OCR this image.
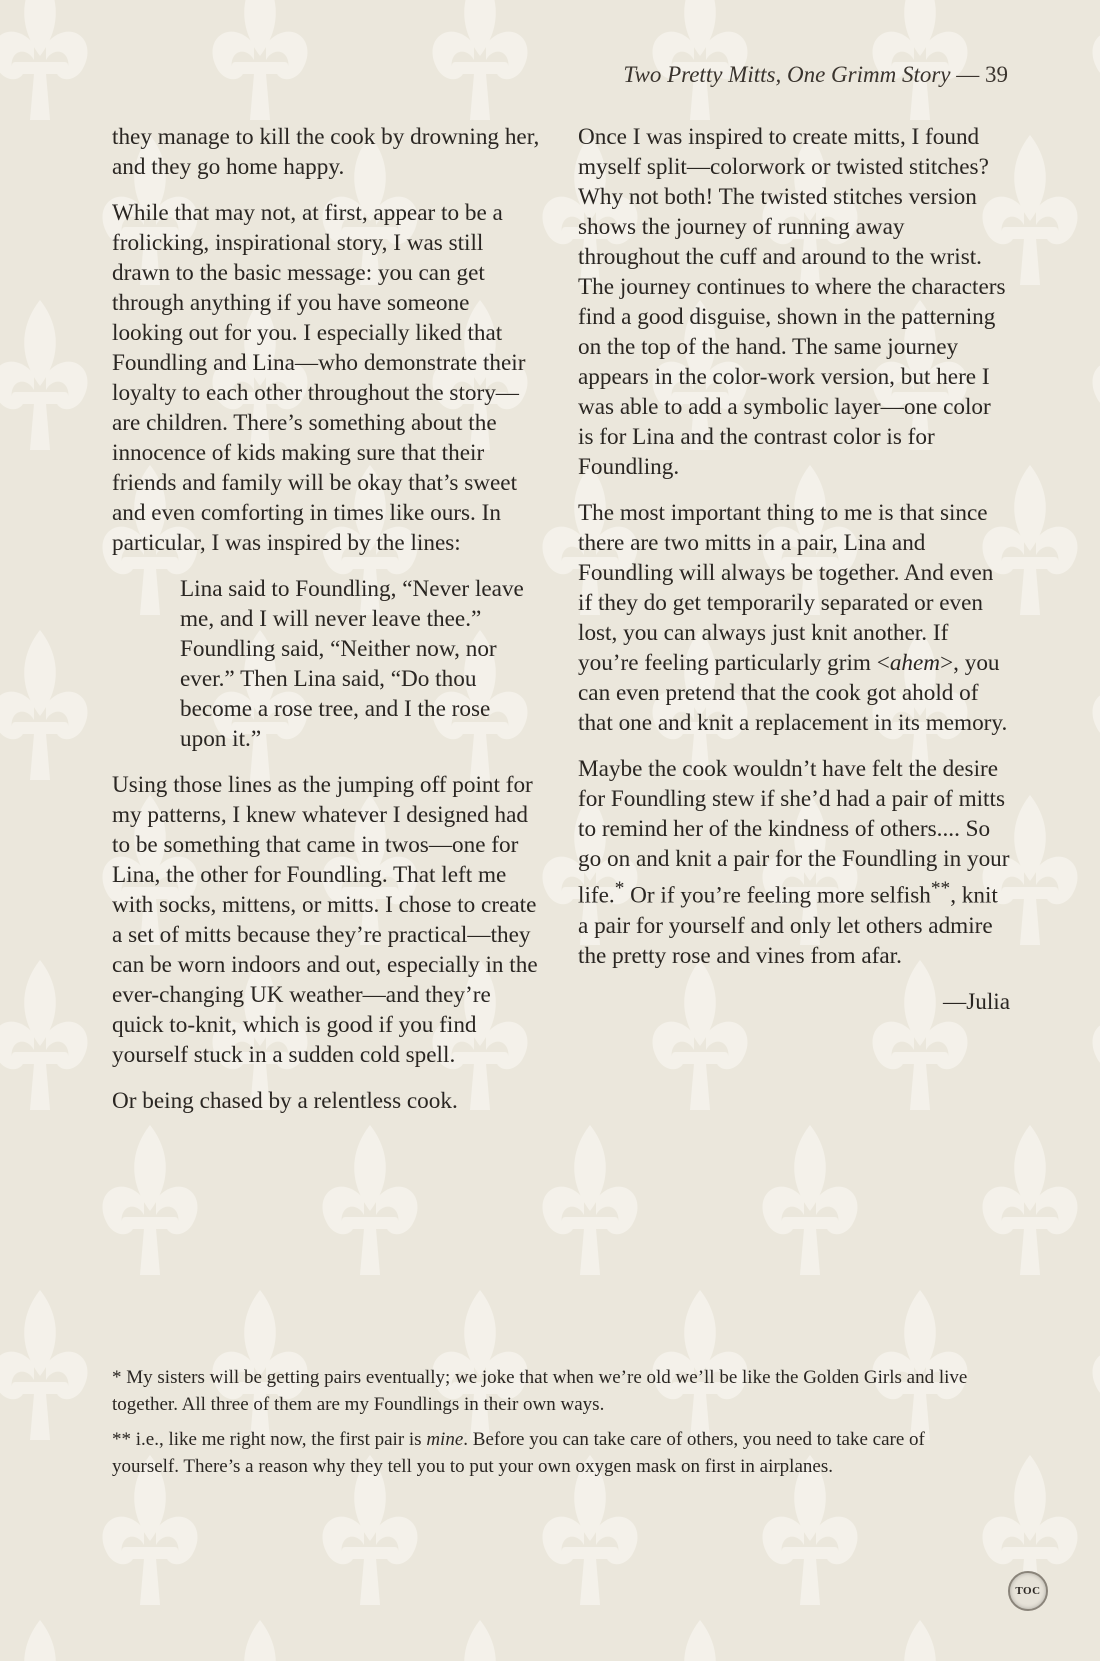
Two Pretty Mitts, One Grimm Story — 39

they manage to kill the cook by drowning her, and they go home happy.

While that may not, at first, appear to be a frolicking, inspirational story, I was still drawn to the basic message: you can get through anything if you have someone looking out for you. I especially liked that Foundling and Lina—who demonstrate their loyalty to each other throughout the story—are children. There’s something about the innocence of kids making sure that their friends and family will be okay that’s sweet and even comforting in times like ours. In particular, I was inspired by the lines:

Lina said to Foundling, “Never leave me, and I will never leave thee.” Foundling said, “Neither now, nor ever.” Then Lina said, “Do thou become a rose tree, and I the rose upon it.”

Using those lines as the jumping off point for my patterns, I knew whatever I designed had to be something that came in twos—one for Lina, the other for Foundling. That left me with socks, mittens, or mitts. I chose to create a set of mitts because they’re practical—they can be worn indoors and out, especially in the ever-changing UK weather—and they’re quick to-knit, which is good if you find yourself stuck in a sudden cold spell.

Or being chased by a relentless cook.

Once I was inspired to create mitts, I found myself split—colorwork or twisted stitches? Why not both! The twisted stitches version shows the journey of running away throughout the cuff and around to the wrist. The journey continues to where the characters find a good disguise, shown in the patterning on the top of the hand. The same journey appears in the color-work version, but here I was able to add a symbolic layer—one color is for Lina and the contrast color is for Foundling.

The most important thing to me is that since there are two mitts in a pair, Lina and Foundling will always be together. And even if they do get temporarily separated or even lost, you can always just knit another. If you’re feeling particularly grim <ahem>, you can even pretend that the cook got ahold of that one and knit a replacement in its memory.

Maybe the cook wouldn’t have felt the desire for Foundling stew if she’d had a pair of mitts to remind her of the kindness of others.... So go on and knit a pair for the Foundling in your life.* Or if you’re feeling more selfish**, knit a pair for yourself and only let others admire the pretty rose and vines from afar.

—Julia

* My sisters will be getting pairs eventually; we joke that when we’re old we’ll be like the Golden Girls and live together. All three of them are my Foundlings in their own ways.

** i.e., like me right now, the first pair is mine. Before you can take care of others, you need to take care of yourself. There’s a reason why they tell you to put your own oxygen mask on first in airplanes.

TOC
